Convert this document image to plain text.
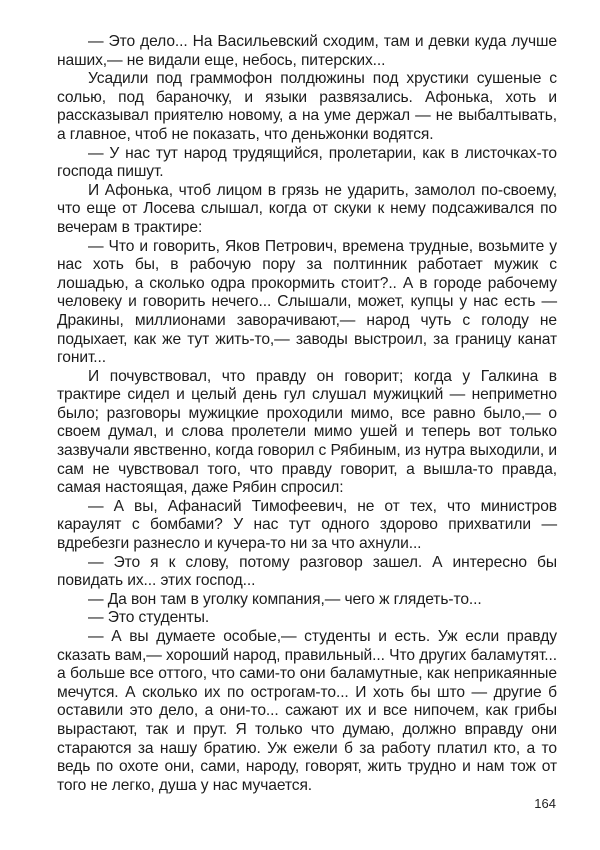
— Это дело... На Васильевский сходим, там и девки куда лучше наших,— не видали еще, небось, питерских...

Усадили под граммофон полдюжины под хрустики сушеные с солью, под бараночку, и языки развязались. Афонька, хоть и рассказывал приятелю новому, а на уме держал — не выбалтывать, а главное, чтоб не показать, что деньжонки водятся.

— У нас тут народ трудящийся, пролетарии, как в листочках-то господа пишут.

И Афонька, чтоб лицом в грязь не ударить, замолол по-своему, что еще от Лосева слышал, когда от скуки к нему подсаживался по вечерам в трактире:

— Что и говорить, Яков Петрович, времена трудные, возьмите у нас хоть бы, в рабочую пору за полтинник работает мужик с лошадью, а сколько одра прокормить стоит?.. А в городе рабочему человеку и говорить нечего... Слышали, может, купцы у нас есть — Дракины, миллионами заворачивают,— народ чуть с голоду не подыхает, как же тут жить-то,— заводы выстроил, за границу канат гонит...

И почувствовал, что правду он говорит; когда у Галкина в трактире сидел и целый день гул слушал мужицкий — неприметно было; разговоры мужицкие проходили мимо, все равно было,— о своем думал, и слова пролетели мимо ушей и теперь вот только зазвучали явственно, когда говорил с Рябиным, из нутра выходили, и сам не чувствовал того, что правду говорит, а вышла-то правда, самая настоящая, даже Рябин спросил:

— А вы, Афанасий Тимофеевич, не от тех, что министров караулят с бомбами? У нас тут одного здорово прихватили — вдребезги разнесло и кучера-то ни за что ахнули...

— Это я к слову, потому разговор зашел. А интересно бы повидать их... этих господ...

— Да вон там в уголку компания,— чего ж глядеть-то...

— Это студенты.

— А вы думаете особые,— студенты и есть. Уж если правду сказать вам,— хороший народ, правильный... Что других баламутят... а больше все оттого, что сами-то они баламутные, как неприкаянные мечутся. А сколько их по острогам-то... И хоть бы што — другие б оставили это дело, а они-то... сажают их и все нипочем, как грибы вырастают, так и прут. Я только что думаю, должно вправду они стараются за нашу братию. Уж ежели б за работу платил кто, а то ведь по охоте они, сами, народу, говорят, жить трудно и нам тож от того не легко, душа у нас мучается.

164
